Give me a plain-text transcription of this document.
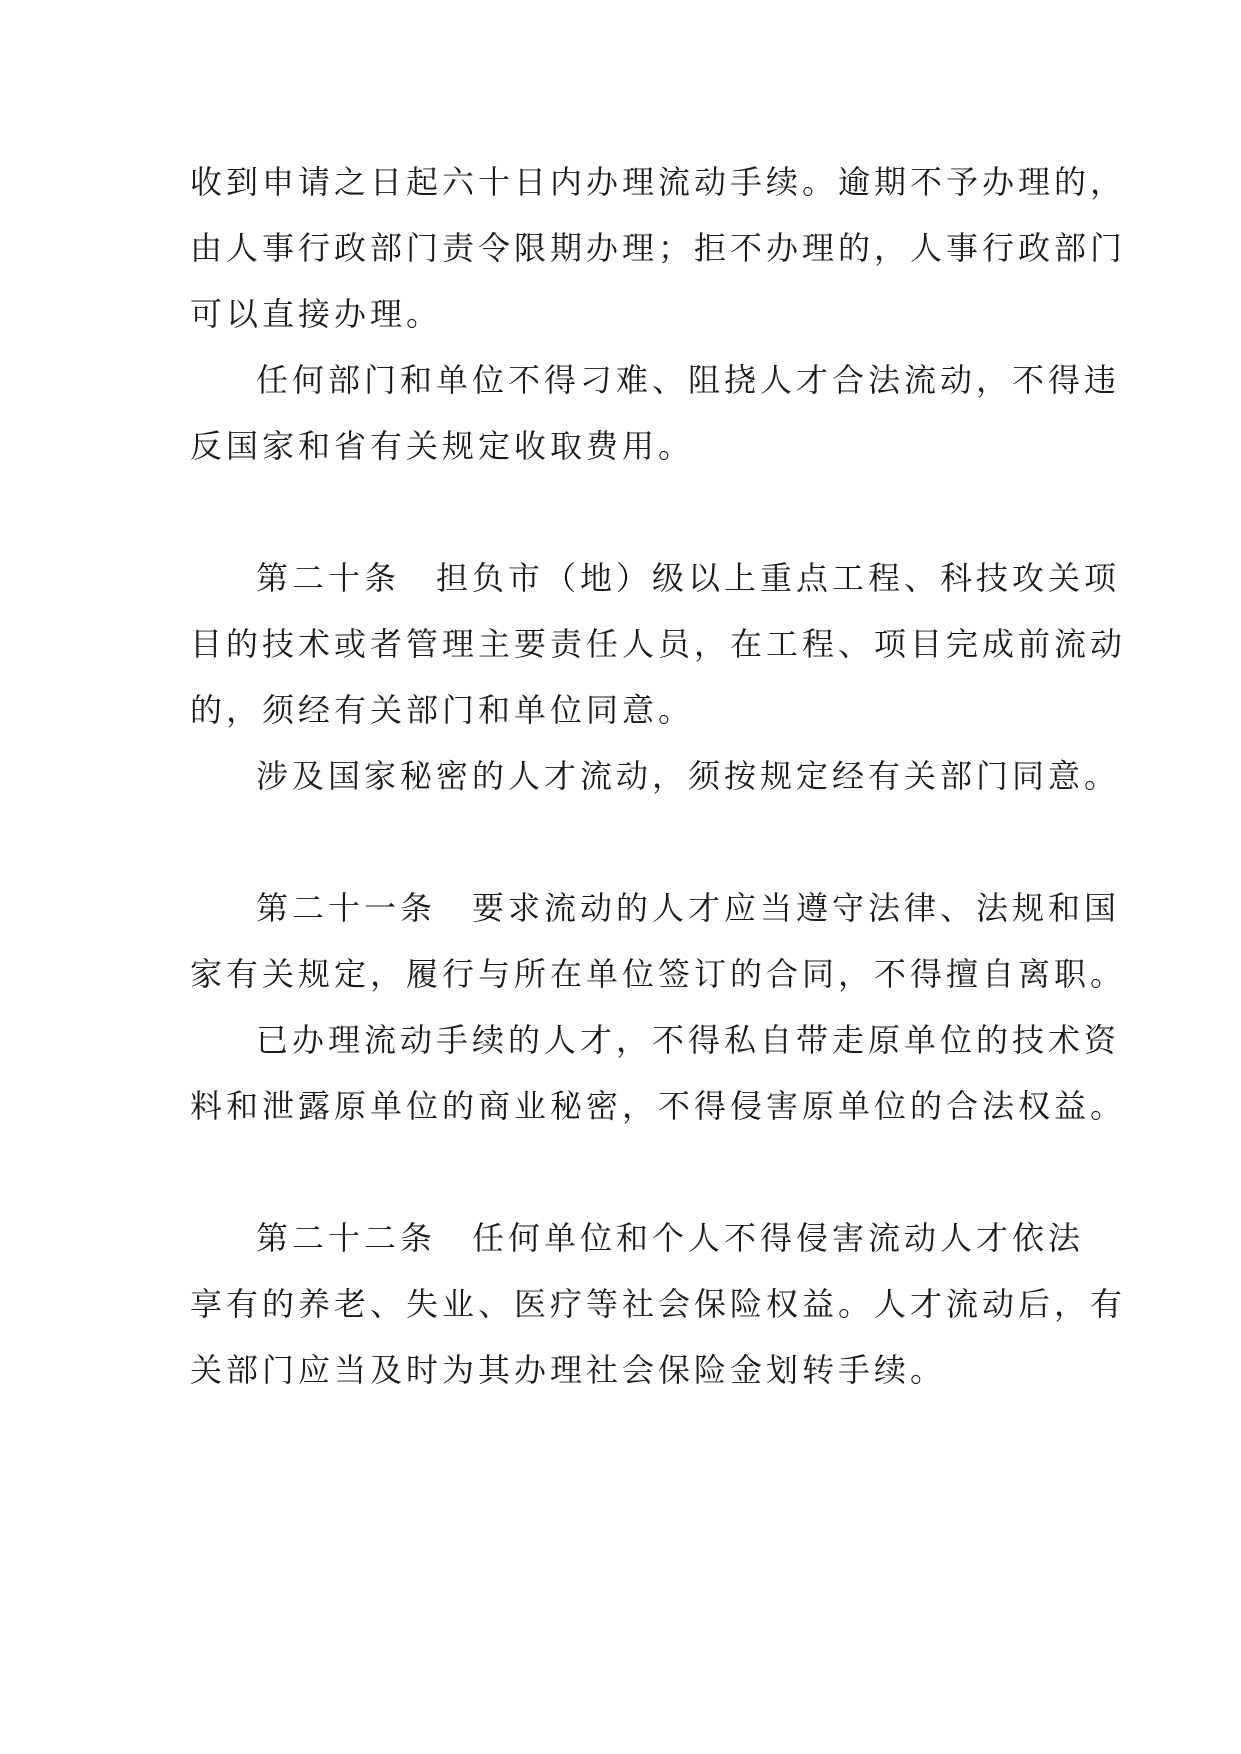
收到申请之日起六十日内办理流动手续。逾期不予办理的，
由人事行政部门责令限期办理；拒不办理的，人事行政部门
可以直接办理。
任何部门和单位不得刁难、阻挠人才合法流动，不得违
反国家和省有关规定收取费用。
第二十条　担负市（地）级以上重点工程、科技攻关项
目的技术或者管理主要责任人员，在工程、项目完成前流动
的，须经有关部门和单位同意。
涉及国家秘密的人才流动，须按规定经有关部门同意。
第二十一条　要求流动的人才应当遵守法律、法规和国
家有关规定，履行与所在单位签订的合同，不得擅自离职。
已办理流动手续的人才，不得私自带走原单位的技术资
料和泄露原单位的商业秘密，不得侵害原单位的合法权益。
第二十二条　任何单位和个人不得侵害流动人才依法
享有的养老、失业、医疗等社会保险权益。人才流动后，有
关部门应当及时为其办理社会保险金划转手续。
